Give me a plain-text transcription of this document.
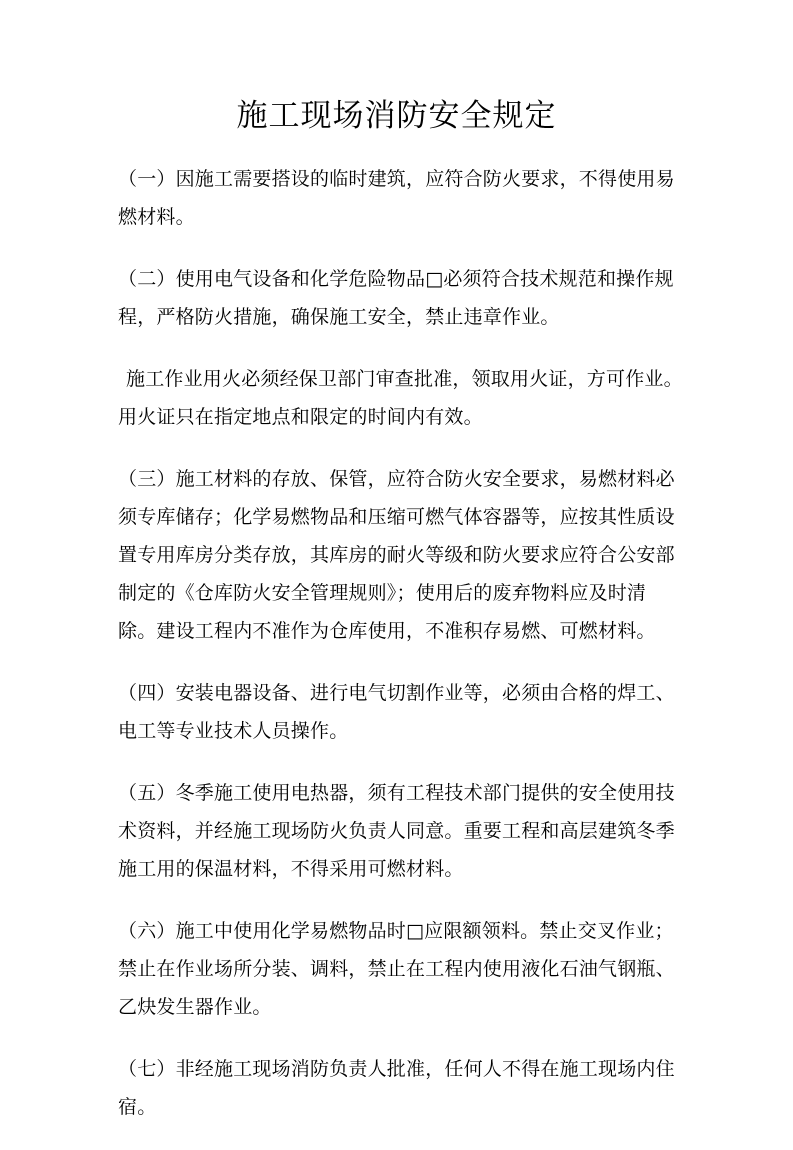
施工现场消防安全规定

（一）因施工需要搭设的临时建筑，应符合防火要求，不得使用易燃材料。

（二）使用电气设备和化学危险物品□必须符合技术规范和操作规程，严格防火措施，确保施工安全，禁止违章作业。

施工作业用火必须经保卫部门审查批准，领取用火证，方可作业。用火证只在指定地点和限定的时间内有效。

（三）施工材料的存放、保管，应符合防火安全要求，易燃材料必须专库储存；化学易燃物品和压缩可燃气体容器等，应按其性质设置专用库房分类存放，其库房的耐火等级和防火要求应符合公安部制定的《仓库防火安全管理规则》；使用后的废弃物料应及时清除。建设工程内不准作为仓库使用，不准积存易燃、可燃材料。

（四）安装电器设备、进行电气切割作业等，必须由合格的焊工、电工等专业技术人员操作。

（五）冬季施工使用电热器，须有工程技术部门提供的安全使用技术资料，并经施工现场防火负责人同意。重要工程和高层建筑冬季施工用的保温材料，不得采用可燃材料。

（六）施工中使用化学易燃物品时□应限额领料。禁止交叉作业；禁止在作业场所分装、调料，禁止在工程内使用液化石油气钢瓶、乙炔发生器作业。

（七）非经施工现场消防负责人批准，任何人不得在施工现场内住宿。
